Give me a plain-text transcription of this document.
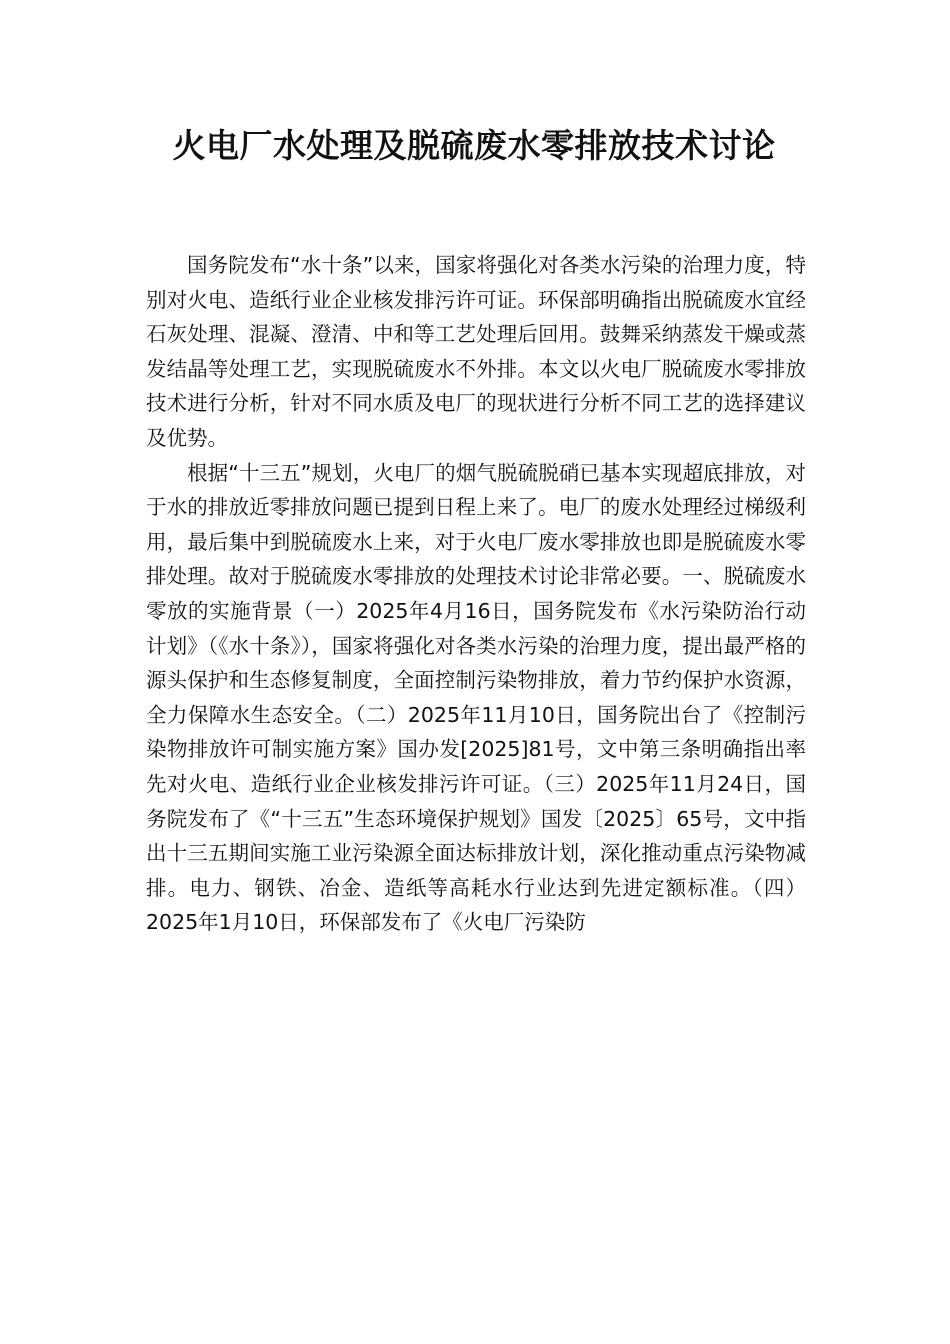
火电厂水处理及脱硫废水零排放技术讨论

国务院发布“水十条”以来，国家将强化对各类水污染的治理力度，特别对火电、造纸行业企业核发排污许可证。环保部明确指出脱硫废水宜经石灰处理、混凝、澄清、中和等工艺处理后回用。鼓舞采纳蒸发干燥或蒸发结晶等处理工艺，实现脱硫废水不外排。本文以火电厂脱硫废水零排放技术进行分析，针对不同水质及电厂的现状进行分析不同工艺的选择建议及优势。

根据“十三五”规划，火电厂的烟气脱硫脱硝已基本实现超底排放，对于水的排放近零排放问题已提到日程上来了。电厂的废水处理经过梯级利用，最后集中到脱硫废水上来，对于火电厂废水零排放也即是脱硫废水零排处理。故对于脱硫废水零排放的处理技术讨论非常必要。一、脱硫废水零放的实施背景（一）2025年4月16日，国务院发布《水污染防治行动计划》（《水十条》），国家将强化对各类水污染的治理力度，提出最严格的源头保护和生态修复制度，全面控制污染物排放，着力节约保护水资源，全力保障水生态安全。（二）2025年11月10日，国务院出台了《控制污染物排放许可制实施方案》国办发[2025]81号，文中第三条明确指出率先对火电、造纸行业企业核发排污许可证。（三）2025年11月24日，国务院发布了《“十三五”生态环境保护规划》国发〔2025〕65号，文中指出十三五期间实施工业污染源全面达标排放计划，深化推动重点污染物减排。电力、钢铁、冶金、造纸等高耗水行业达到先进定额标准。（四）2025年1月10日，环保部发布了《火电厂污染防
